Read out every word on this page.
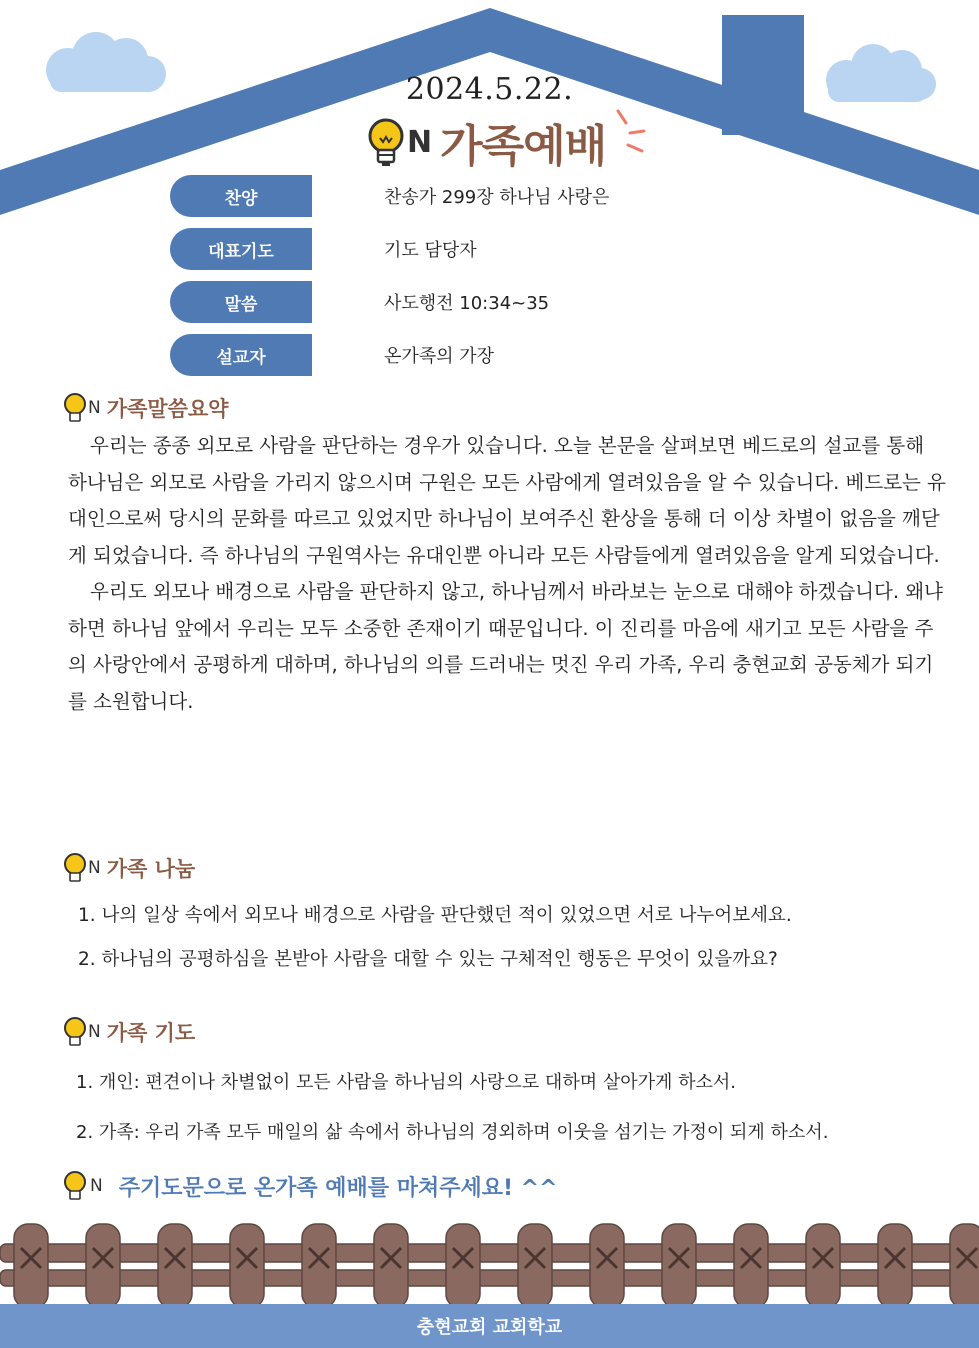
2024.5.22.
N 가족예배
찬양	찬송가 299장 하나님 사랑은
대표기도	기도 담당자
말씀	사도행전 10:34~35
설교자	온가족의 가장
N 가족말씀요약

우리는 종종 외모로 사람을 판단하는 경우가 있습니다. 오늘 본문을 살펴보면 베드로의 설교를 통해 하나님은 외모로 사람을 가리지 않으시며 구원은 모든 사람에게 열려있음을 알 수 있습니다. 베드로는 유대인으로써 당시의 문화를 따르고 있었지만 하나님이 보여주신 환상을 통해 더 이상 차별이 없음을 깨닫게 되었습니다. 즉 하나님의 구원역사는 유대인뿐 아니라 모든 사람들에게 열려있음을 알게 되었습니다.

우리도 외모나 배경으로 사람을 판단하지 않고, 하나님께서 바라보는 눈으로 대해야 하겠습니다. 왜냐하면 하나님 앞에서 우리는 모두 소중한 존재이기 때문입니다. 이 진리를 마음에 새기고 모든 사람을 주의 사랑안에서 공평하게 대하며, 하나님의 의를 드러내는 멋진 우리 가족, 우리 충현교회 공동체가 되기를 소원합니다.

N 가족 나눔
1. 나의 일상 속에서 외모나 배경으로 사람을 판단했던 적이 있었으면 서로 나누어보세요.
2. 하나님의 공평하심을 본받아 사람을 대할 수 있는 구체적인 행동은 무엇이 있을까요?
N 가족 기도
1. 개인: 편견이나 차별없이 모든 사람을 하나님의 사랑으로 대하며 살아가게 하소서.
2. 가족: 우리 가족 모두 매일의 삶 속에서 하나님의 경외하며 이웃을 섬기는 가정이 되게 하소서.
N 주기도문으로 온가족 예배를 마쳐주세요! ^^
충현교회 교회학교
